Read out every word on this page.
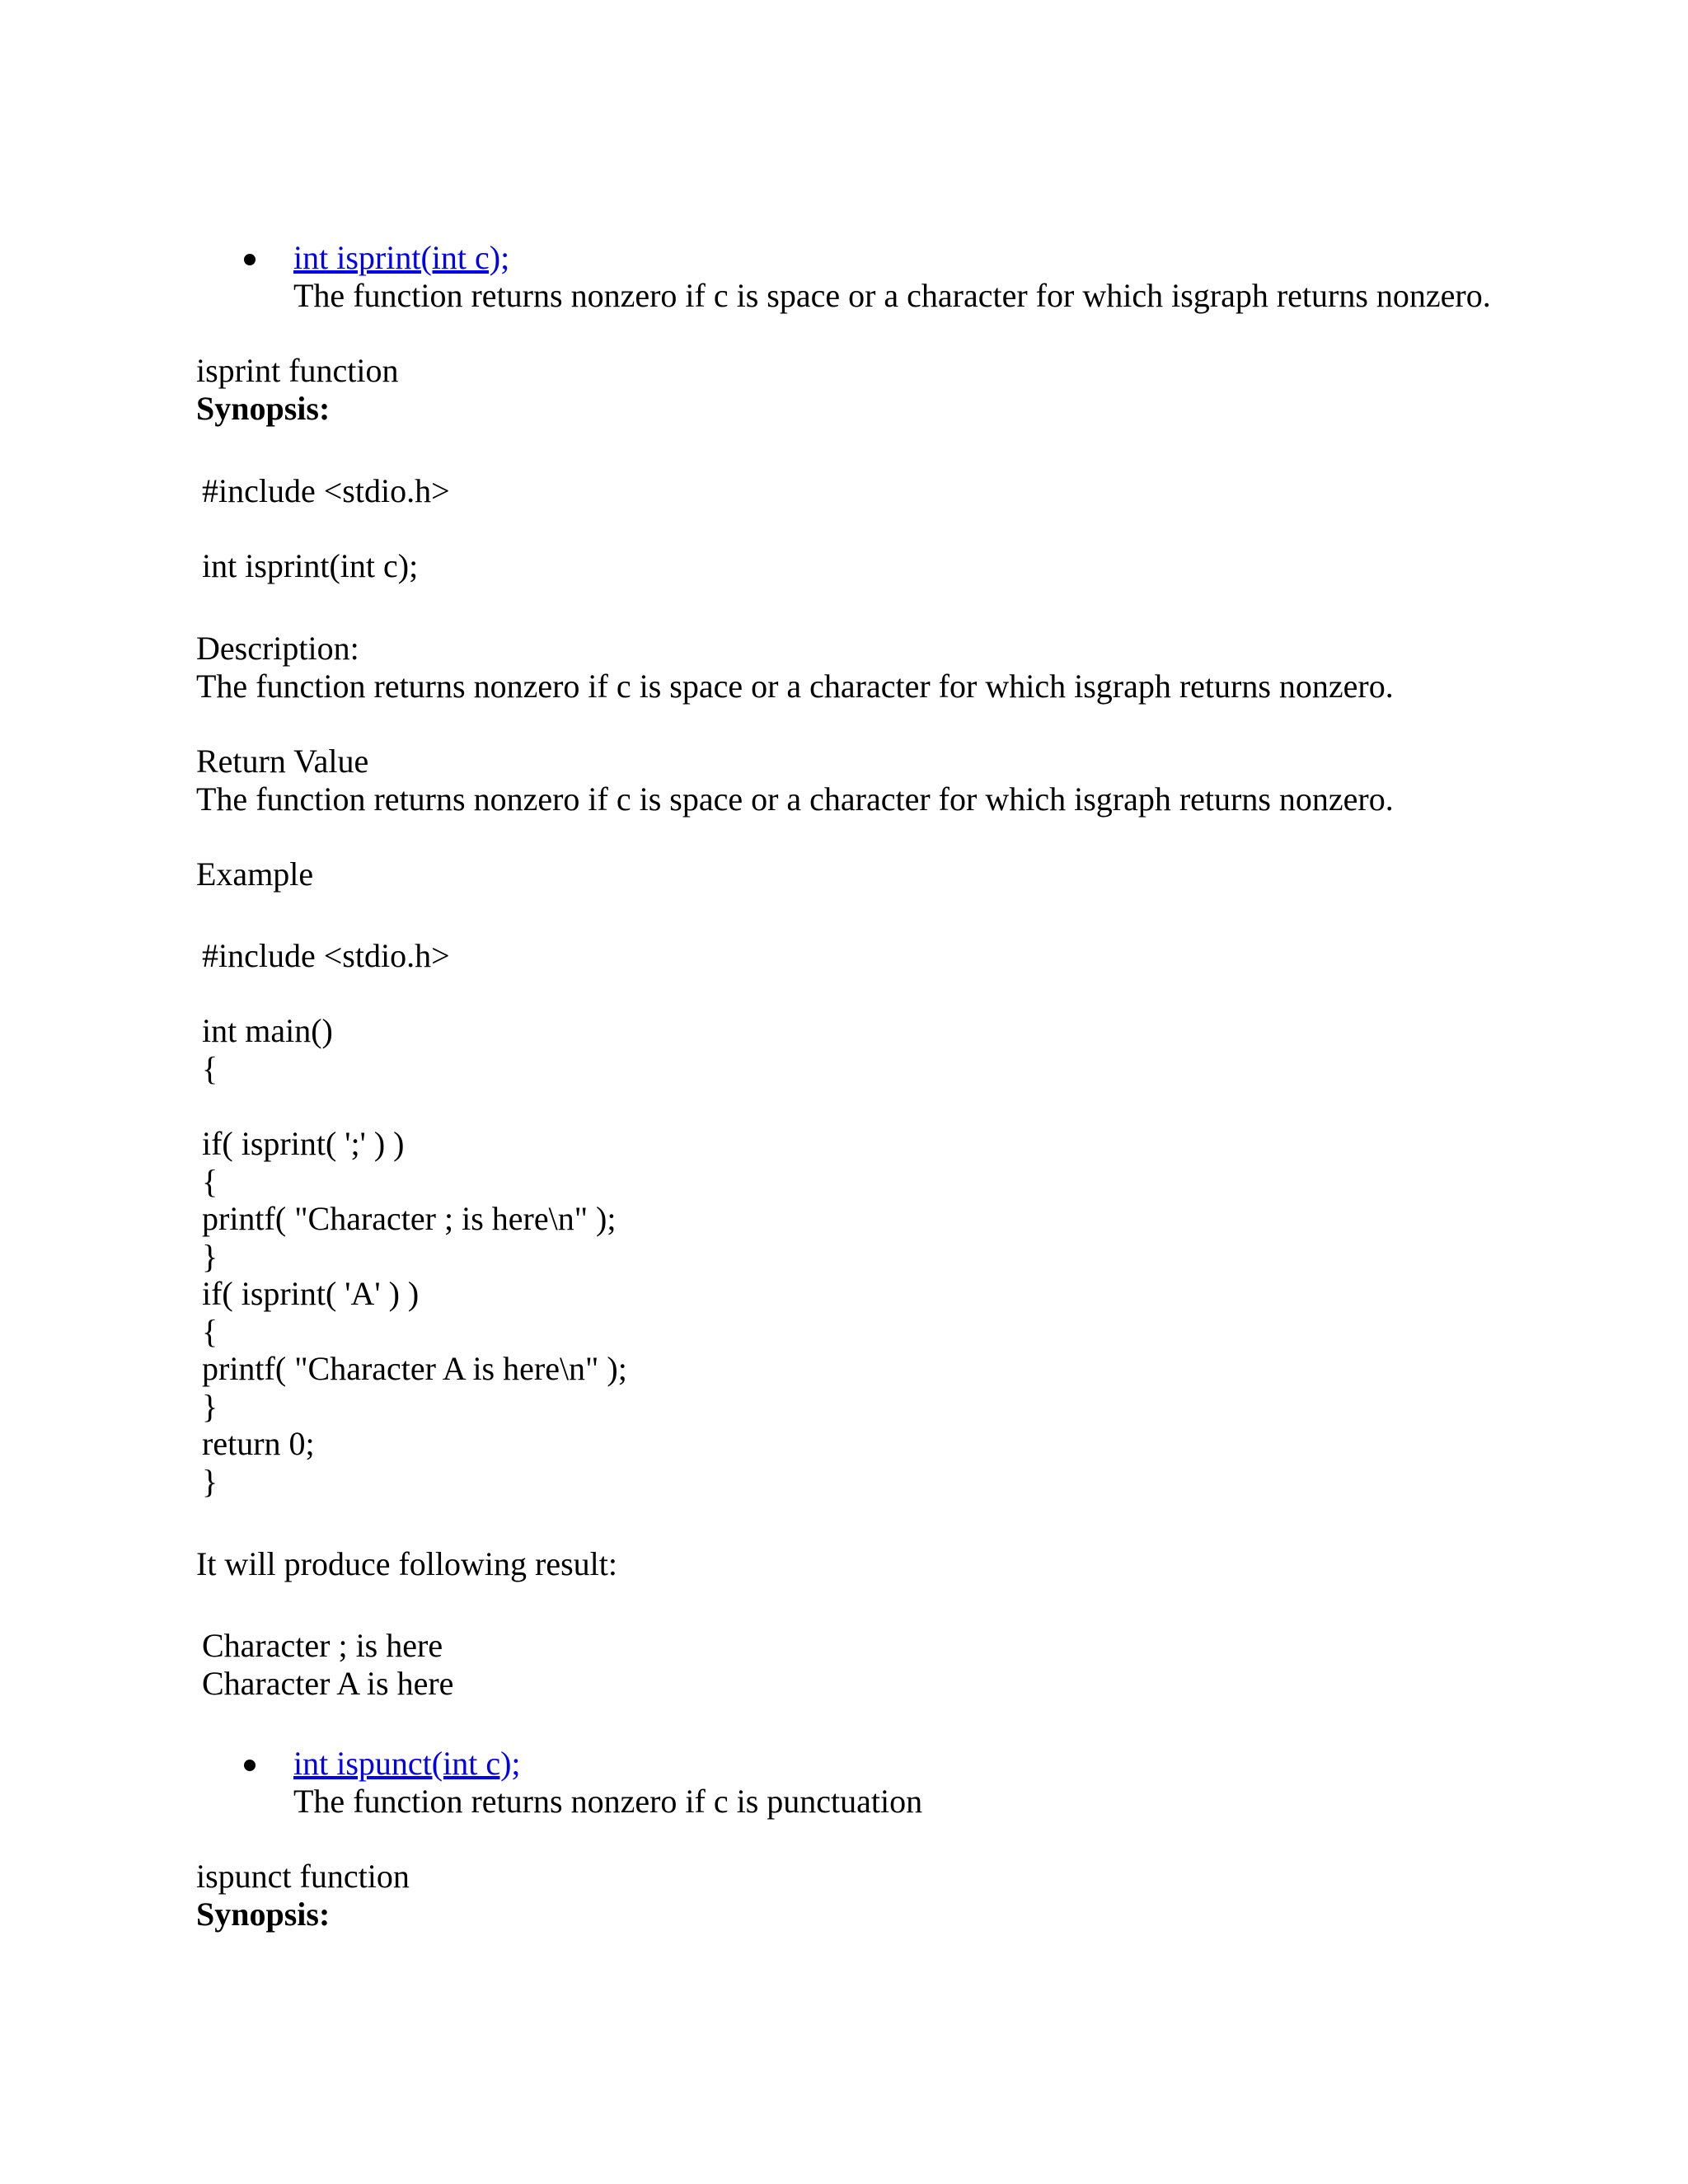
int isprint(int c);
The function returns nonzero if c is space or a character for which isgraph returns nonzero.
isprint function
Synopsis:
#include <stdio.h>
int isprint(int c);
Description:
The function returns nonzero if c is space or a character for which isgraph returns nonzero.
Return Value
The function returns nonzero if c is space or a character for which isgraph returns nonzero.
Example
#include <stdio.h>
int main()
{
if( isprint( ';' ) )
{
printf( "Character ; is here\n" );
}
if( isprint( 'A' ) )
{
printf( "Character A is here\n" );
}
return 0;
}
It will produce following result:
Character ; is here
Character A is here
int ispunct(int c);
The function returns nonzero if c is punctuation
ispunct function
Synopsis:
